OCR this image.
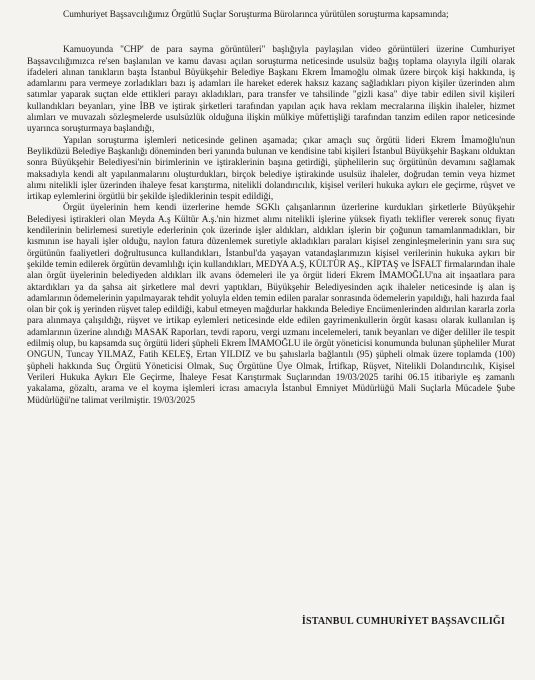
Cumhuriyet Başsavcılığımız Örgütlü Suçlar Soruşturma Bürolarınca yürütülen soruşturma kapsamında;

Kamuoyunda "CHP' de para sayma görüntüleri" başlığıyla paylaşılan video görüntüleri üzerine Cumhuriyet Başsavcılığımızca re'sen başlanılan ve kamu davası açılan soruşturma neticesinde usulsüz bağış toplama olayıyla ilgili olarak ifadeleri alınan tanıkların başta İstanbul Büyükşehir Belediye Başkanı Ekrem İmamoğlu olmak üzere birçok kişi hakkında, iş adamlarını para vermeye zorladıkları bazı iş adamları ile hareket ederek haksız kazanç sağladıkları piyon kişiler üzerinden alım satımlar yaparak suçtan elde ettikleri parayı akladıkları, para transfer ve tahsilinde "gizli kasa" diye tabir edilen sivil kişileri kullandıkları beyanları, yine İBB ve iştirak şirketleri tarafından yapılan açık hava reklam mecralarına ilişkin ihaleler, hizmet alımları ve muvazalı sözleşmelerde usulsüzlük olduğuna ilişkin mülkiye müfettişliği tarafından tanzim edilen rapor neticesinde uyarınca soruşturmaya başlandığı,

Yapılan soruşturma işlemleri neticesinde gelinen aşamada; çıkar amaçlı suç örgütü lideri Ekrem İmamoğlu'nun Beylikdüzü Belediye Başkanlığı döneminden beri yanında bulunan ve kendisine tabi kişileri İstanbul Büyükşehir Başkanı olduktan sonra Büyükşehir Belediyesi'nin birimlerinin ve iştiraklerinin başına getirdiği, şüphelilerin suç örgütünün devamını sağlamak maksadıyla kendi alt yapılanmalarını oluşturdukları, birçok belediye iştirakinde usulsüz ihaleler, doğrudan temin veya hizmet alımı nitelikli işler üzerinden ihaleye fesat karıştırma, nitelikli dolandırıcılık, kişisel verileri hukuka aykırı ele geçirme, rüşvet ve irtikap eylemlerini örgütlü bir şekilde işlediklerinin tespit edildiği,

Örgüt üyelerinin hem kendi üzerlerine hemde SGKlı çalışanlarının üzerlerine kurdukları şirketlerle Büyükşehir Belediyesi iştirakleri olan Meyda A.ş Kültür A.ş.'nin hizmet alımı nitelikli işlerine yüksek fiyatlı teklifler vererek sonuç fiyatı kendilerinin belirlemesi suretiyle ederlerinin çok üzerinde işler aldıkları, aldıkları işlerin bir çoğunun tamamlanmadıkları, bir kısmının ise hayali işler olduğu, naylon fatura düzenlemek suretiyle akladıkları paraları kişisel zenginleşmelerinin yanı sıra suç örgütünün faaliyetleri doğrultusunca kullandıkları, İstanbul'da yaşayan vatandaşlarımızın kişisel verilerinin hukuka aykırı bir şekilde temin edilerek örgütün devamlılığı için kullandıkları, MEDYA A.Ş, KÜLTÜR AŞ., KİPTAŞ ve İSFALT firmalarından ihale alan örgüt üyelerinin belediyeden aldıkları ilk avans ödemeleri ile ya örgüt lideri Ekrem İMAMOĞLU'na ait inşaatlara para aktardıkları ya da şahsa ait şirketlere mal devri yaptıkları, Büyükşehir Belediyesinden açık ihaleler neticesinde iş alan iş adamlarının ödemelerinin yapılmayarak tehdit yoluyla elden temin edilen paralar sonrasında ödemelerin yapıldığı, hali hazırda faal olan bir çok iş yerinden rüşvet talep edildiği, kabul etmeyen mağdurlar hakkında Belediye Encümenlerinden aldırılan kararla zorla para alınmaya çalışıldığı, rüşvet ve irtikap eylemleri neticesinde elde edilen gayrimenkullerin örgüt kasası olarak kullanılan iş adamlarının üzerine alındığı MASAK Raporları, tevdi raporu, vergi uzmanı incelemeleri, tanık beyanları ve diğer deliller ile tespit edilmiş olup, bu kapsamda suç örgütü lideri şüpheli Ekrem İMAMOĞLU ile örgüt yöneticisi konumunda bulunan şüpheliler Murat ONGUN, Tuncay YILMAZ, Fatih KELEŞ, Ertan YILDIZ ve bu şahıslarla bağlantılı (95) şüpheli olmak üzere toplamda (100) şüpheli hakkında Suç Örgütü Yöneticisi Olmak, Suç Örgütüne Üye Olmak, İrtifkap, Rüşvet, Nitelikli Dolandırıcılık, Kişisel Verileri Hukuka Aykırı Ele Geçirme, İhaleye Fesat Karıştırmak Suçlarından 19/03/2025 tarihi 06.15 itibariyle eş zamanlı yakalama, gözaltı, arama ve el koyma işlemleri icrası amacıyla İstanbul Emniyet Müdürlüğü Mali Suçlarla Mücadele Şube Müdürlüğü'ne talimat verilmiştir. 19/03/2025

İSTANBUL CUMHURİYET BAŞSAVCILIĞI
